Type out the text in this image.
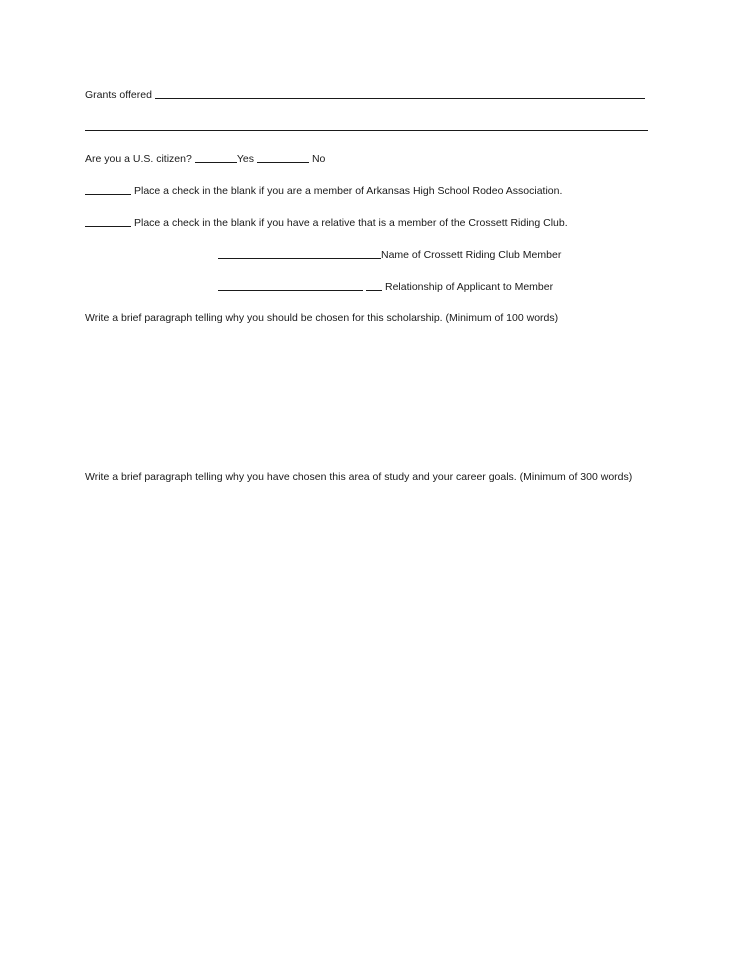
Grants offered
Are you a U.S. citizen?	Yes	No
Place a check in the blank if you are a member of Arkansas High School Rodeo Association.
Place a check in the blank if you have a relative that is a member of the Crossett Riding Club.
Name of Crossett Riding Club Member
Relationship of Applicant to Member
Write a brief paragraph telling why you should be chosen for this scholarship. (Minimum of 100 words)
Write a brief paragraph telling why you have chosen this area of study and your career goals. (Minimum of 300 words)
